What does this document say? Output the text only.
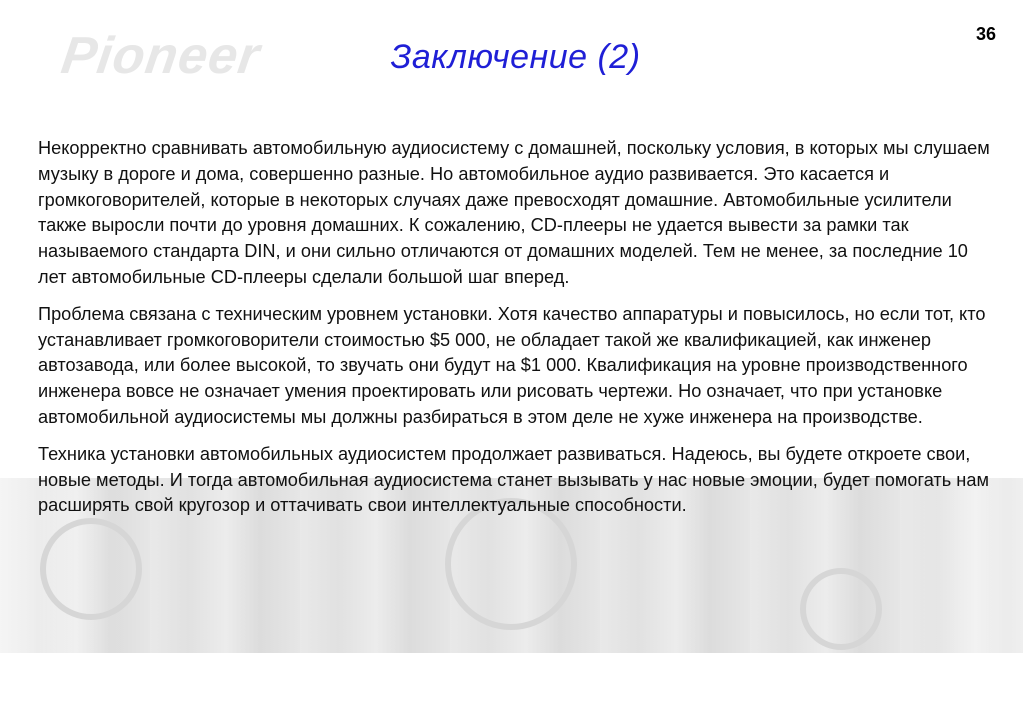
Pioneer	36
Заключение (2)

Некорректно сравнивать автомобильную аудиосистему с домашней, поскольку условия, в которых мы слушаем музыку в дороге и дома, совершенно разные. Но автомобильное аудио развивается. Это касается и громкоговорителей, которые в некоторых случаях даже превосходят домашние. Автомобильные усилители также выросли почти до уровня домашних. К сожалению, CD-плееры не удается вывести за рамки так называемого стандарта DIN, и они сильно отличаются от домашних моделей. Тем не менее, за последние 10 лет автомобильные CD-плееры сделали большой шаг вперед.

Проблема связана с техническим уровнем установки. Хотя качество аппаратуры и повысилось, но если тот, кто устанавливает громкоговорители стоимостью $5 000, не обладает такой же квалификацией, как инженер автозавода, или более высокой, то звучать они будут на $1 000. Квалификация на уровне производственного инженера вовсе не означает умения проектировать или рисовать чертежи. Но означает, что при установке автомобильной аудиосистемы мы должны разбираться в этом деле не хуже инженера на производстве.

Техника установки автомобильных аудиосистем продолжает развиваться. Надеюсь, вы будете откроете свои, новые методы. И тогда автомобильная аудиосистема станет вызывать у нас новые эмоции, будет помогать нам расширять свой кругозор и оттачивать свои интеллектуальные способности.
